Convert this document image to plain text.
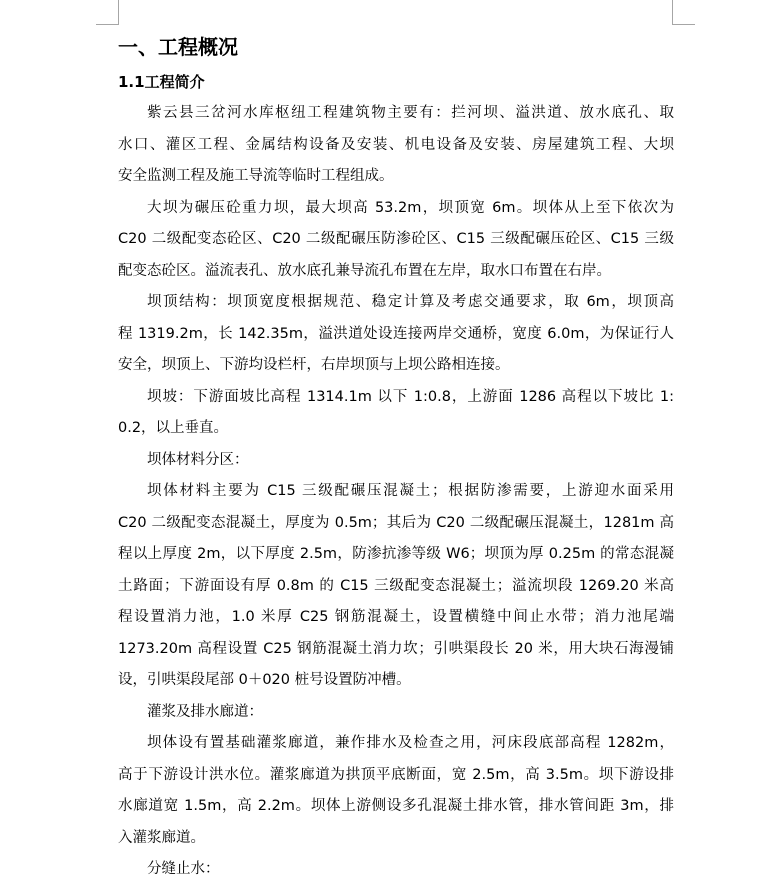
一、工程概况
1.1工程简介
紫云县三岔河水库枢纽工程建筑物主要有：拦河坝、溢洪道、放水底孔、取
水口、灌区工程、金属结构设备及安装、机电设备及安装、房屋建筑工程、大坝
安全监测工程及施工导流等临时工程组成。
大坝为碾压砼重力坝，最大坝高 53.2m，坝顶宽 6m。坝体从上至下依次为
C20 二级配变态砼区、C20 二级配碾压防渗砼区、C15 三级配碾压砼区、C15 三级
配变态砼区。溢流表孔、放水底孔兼导流孔布置在左岸，取水口布置在右岸。
坝顶结构：坝顶宽度根据规范、稳定计算及考虑交通要求，取 6m，坝顶高
程 1319.2m，长 142.35m，溢洪道处设连接两岸交通桥，宽度 6.0m，为保证行人
安全，坝顶上、下游均设栏杆，右岸坝顶与上坝公路相连接。
坝坡：下游面坡比高程 1314.1m 以下 1:0.8，上游面 1286 高程以下坡比 1:
0.2，以上垂直。
坝体材料分区：
坝体材料主要为 C15 三级配碾压混凝土；根据防渗需要，上游迎水面采用
C20 二级配变态混凝土，厚度为 0.5m；其后为 C20 二级配碾压混凝土，1281m 高
程以上厚度 2m，以下厚度 2.5m，防渗抗渗等级 W6；坝顶为厚 0.25m 的常态混凝
土路面；下游面设有厚 0.8m 的 C15 三级配变态混凝土；溢流坝段 1269.20 米高
程设置消力池，1.0 米厚 C25 钢筋混凝土，设置横缝中间止水带；消力池尾端
1273.20m 高程设置 C25 钢筋混凝土消力坎；引哄渠段长 20 米，用大块石海漫铺
设，引哄渠段尾部 0＋020 桩号设置防冲槽。
灌浆及排水廊道：
坝体设有置基础灌浆廊道，兼作排水及检查之用，河床段底部高程 1282m，
高于下游设计洪水位。灌浆廊道为拱顶平底断面，宽 2.5m，高 3.5m。坝下游设排
水廊道宽 1.5m，高 2.2m。坝体上游侧设多孔混凝土排水管，排水管间距 3m，排
入灌浆廊道。
分缝止水：
